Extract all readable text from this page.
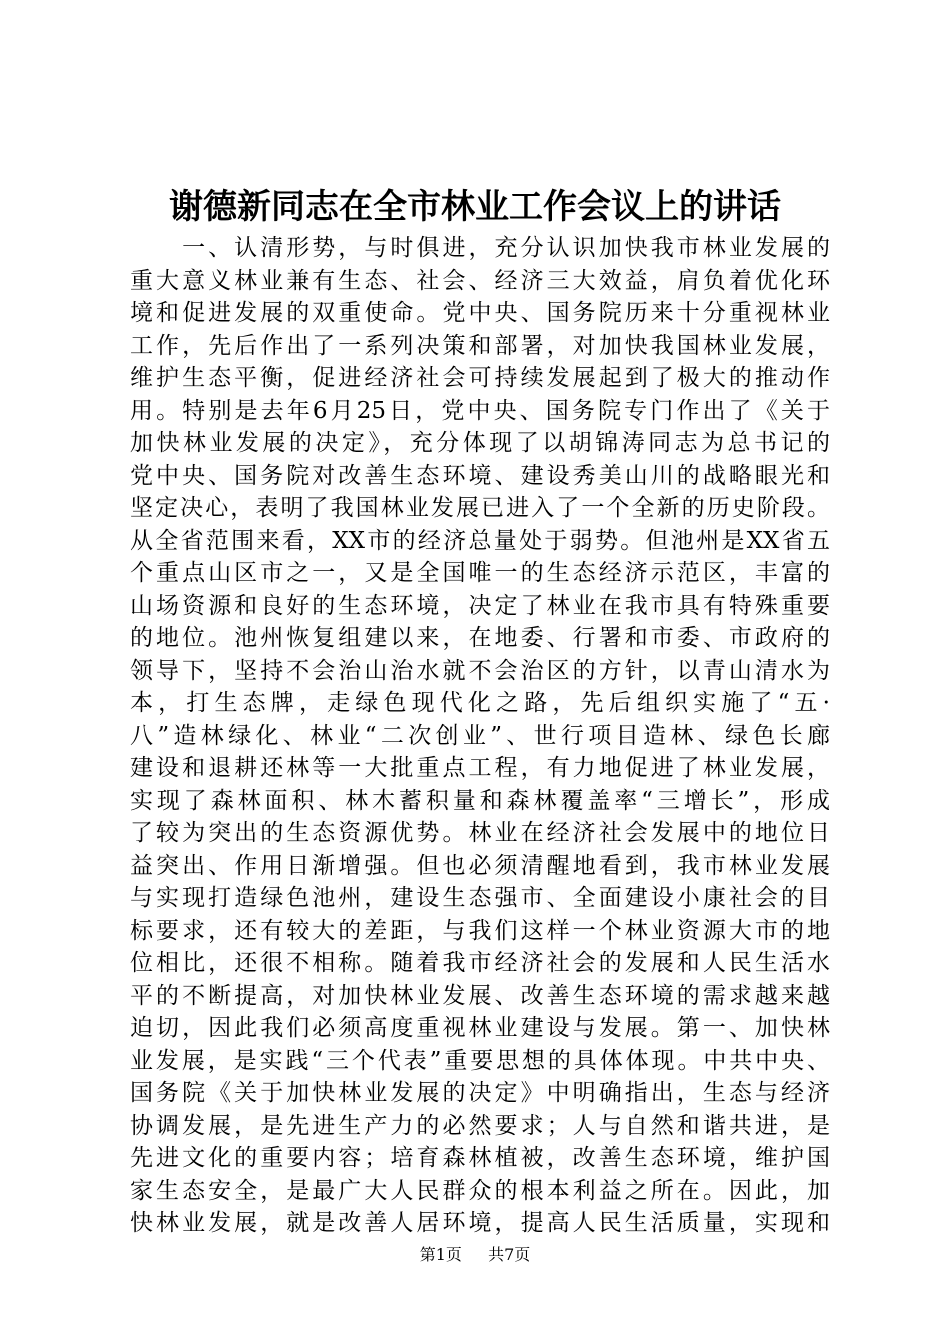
谢德新同志在全市林业工作会议上的讲话
　　一、认清形势，与时俱进，充分认识加快我市林业发展的
重大意义林业兼有生态、社会、经济三大效益，肩负着优化环
境和促进发展的双重使命。党中央、国务院历来十分重视林业
工作，先后作出了一系列决策和部署，对加快我国林业发展，
维护生态平衡，促进经济社会可持续发展起到了极大的推动作
用。特别是去年6月25日，党中央、国务院专门作出了《关于
加快林业发展的决定》，充分体现了以胡锦涛同志为总书记的
党中央、国务院对改善生态环境、建设秀美山川的战略眼光和
坚定决心，表明了我国林业发展已进入了一个全新的历史阶段。
从全省范围来看，XX市的经济总量处于弱势。但池州是XX省五
个重点山区市之一，又是全国唯一的生态经济示范区，丰富的
山场资源和良好的生态环境，决定了林业在我市具有特殊重要
的地位。池州恢复组建以来，在地委、行署和市委、市政府的
领导下，坚持不会治山治水就不会治区的方针，以青山清水为
本，打生态牌，走绿色现代化之路，先后组织实施了“五·
八”造林绿化、林业“二次创业”、世行项目造林、绿色长廊
建设和退耕还林等一大批重点工程，有力地促进了林业发展，
实现了森林面积、林木蓄积量和森林覆盖率“三增长”，形成
了较为突出的生态资源优势。林业在经济社会发展中的地位日
益突出、作用日渐增强。但也必须清醒地看到，我市林业发展
与实现打造绿色池州，建设生态强市、全面建设小康社会的目
标要求，还有较大的差距，与我们这样一个林业资源大市的地
位相比，还很不相称。随着我市经济社会的发展和人民生活水
平的不断提高，对加快林业发展、改善生态环境的需求越来越
迫切，因此我们必须高度重视林业建设与发展。第一、加快林
业发展，是实践“三个代表”重要思想的具体体现。中共中央、
国务院《关于加快林业发展的决定》中明确指出，生态与经济
协调发展，是先进生产力的必然要求；人与自然和谐共进，是
先进文化的重要内容；培育森林植被，改善生态环境，维护国
家生态安全，是最广大人民群众的根本利益之所在。因此，加
快林业发展，就是改善人居环境，提高人民生活质量，实现和
第1页   共7页
